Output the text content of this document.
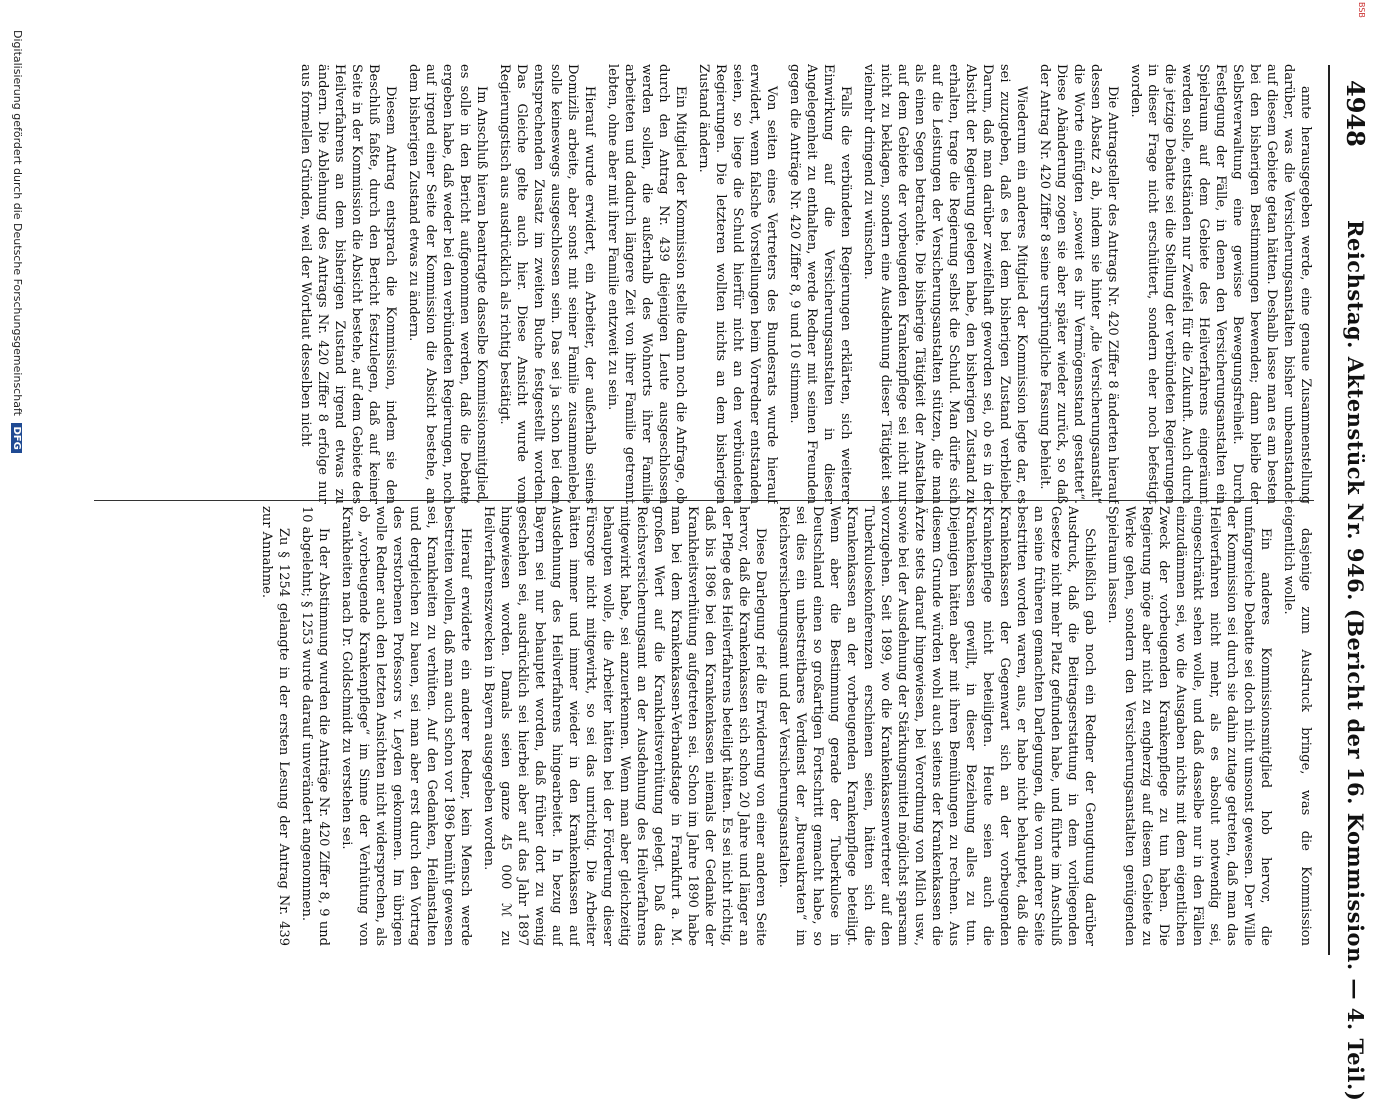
4948
Reichstag. Aktenstück Nr. 946. (Bericht der 16. Kommission. — 4. Teil.)

amte herausgegeben werde, eine genaue Zusammenstellung darüber, was die Versicherungsanstalten bisher unbeanstandet auf diesem Gebiete getan hätten. Deshalb lasse man es am besten bei den bisherigen Bestimmungen bewenden; dann bleibe der Selbstverwaltung eine gewisse Bewegungsfreiheit. Durch Festlegung der Fälle, in denen den Versicherungsanstalten ein Spielraum auf dem Gebiete des Heilverfahrens eingeräumt werden solle, entständen nur Zweifel für die Zukunft. Auch durch die jetzige Debatte sei die Stellung der verbündeten Regierungen in dieser Frage nicht erschüttert, sondern eher noch befestigt worden.

Die Antragsteller des Antrags Nr. 420 Ziffer 8 änderten hierauf dessen Absatz 2 ab, indem sie hinter „die Versicherungsanstalt“ die Worte einfügten „soweit es ihr Vermögensstand gestattet“. Diese Abänderung zogen sie aber später wieder zurück, so daß der Antrag Nr. 420 Ziffer 8 seine ursprüngliche Fassung behielt.

Wiederum ein anderes Mitglied der Kommission legte dar, es sei zuzugeben, daß es bei dem bisherigen Zustand verbleibe. Darum, daß man darüber zweifelhaft geworden sei, ob es in der Absicht der Regierung gelegen habe, den bisherigen Zustand zu erhalten, trage die Regierung selbst die Schuld. Man dürfe sich auf die Leistungen der Versicherungsanstalten stützen, die man als einen Segen betrachte. Die bisherige Tätigkeit der Anstalten auf dem Gebiete der vorbeugenden Krankenpflege sei nicht nur nicht zu beklagen, sondern eine Ausdehnung dieser Tätigkeit sei vielmehr dringend zu wünschen.

Falls die verbündeten Regierungen erklärten, sich weiterer Einwirkung auf die Versicherungsanstalten in dieser Angelegenheit zu enthalten, werde Redner mit seinen Freunden gegen die Anträge Nr. 420 Ziffer 8, 9 und 10 stimmen.

Von seiten eines Vertreters des Bundesrats wurde hierauf erwidert, wenn falsche Vorstellungen beim Vorredner entstanden seien, so liege die Schuld hierfür nicht an den verbündeten Regierungen. Die letzteren wollten nichts an dem bisherigen Zustand ändern.

Ein Mitglied der Kommission stellte dann noch die Anfrage, ob durch den Antrag Nr. 439 diejenigen Leute ausgeschlossen werden sollen, die außerhalb des Wohnorts ihrer Familie arbeiteten und dadurch längere Zeit von ihrer Familie getrennt lebten, ohne aber mit ihrer Familie entzweit zu sein.

Hierauf wurde erwidert, ein Arbeiter, der außerhalb seines Domizils arbeite, aber sonst mit seiner Familie zusammenlebe, solle keineswegs ausgeschlossen sein. Das sei ja schon bei dem entsprechenden Zusatz im zweiten Buche festgestellt worden. Das Gleiche gelte auch hier. Diese Ansicht wurde vom Regierungstisch aus ausdrücklich als richtig bestätigt.

Im Anschluß hieran beantragte dasselbe Kommissionsmitglied, es solle in den Bericht aufgenommen werden, daß die Debatte ergeben habe, daß weder bei den verbündeten Regierungen, noch auf irgend einer Seite der Kommission die Absicht bestehe, an dem bisherigen Zustand etwas zu ändern.

Diesem Antrag entsprach die Kommission, indem sie den Beschluß faßte, durch den Bericht festzulegen, daß auf keiner Seite in der Kommission die Absicht bestehe, auf dem Gebiete des Heilverfahrens an dem bisherigen Zustand irgend etwas zu ändern. Die Ablehnung des Antrags Nr. 420 Ziffer 8 erfolge nur aus formellen Gründen, weil der Wortlaut desselben nicht

dasjenige zum Ausdruck bringe, was die Kommission eigentlich wolle.

Ein anderes Kommissionsmitglied hob hervor, die umfangreiche Debatte sei doch nicht umsonst gewesen. Der Wille der Kommission sei durch sie dahin zutage getreten, daß man das Heilverfahren nicht mehr, als es absolut notwendig sei, eingeschränkt sehen wolle, und daß dasselbe nur in den Fällen einzudämmen sei, wo die Ausgaben nichts mit dem eigentlichen Zweck der vorbeugenden Krankenpflege zu tun haben. Die Regierung möge aber nicht zu engherzig auf diesem Gebiete zu Werke gehen, sondern den Versicherungsanstalten genügenden Spielraum lassen.

Schließlich gab noch ein Redner der Genugtuung darüber Ausdruck, daß die Beitragserstattung in dem vorliegenden Gesetze nicht mehr Platz gefunden habe, und führte im Anschluß an seine früheren gemachten Darlegungen, die von anderer Seite bestritten worden waren, aus, er habe nicht behauptet, daß die Krankenkassen der Gegenwart sich an der vorbeugenden Krankenpflege nicht beteiligten. Heute seien auch die Krankenkassen gewillt, in dieser Beziehung alles zu tun. Diejenigen hätten aber mit ihren Bemühungen zu rechnen. Aus diesem Grunde würden wohl auch seitens der Krankenkassen die Ärzte stets darauf hingewiesen, bei Verordnung von Milch usw., sowie bei der Ausdehnung der Stärkungsmittel möglichst sparsam vorzugehen. Seit 1899, wo die Krankenkassenvertreter auf den Tuberkulosekonferenzen erschienen seien, hätten sich die Krankenkassen an der vorbeugenden Krankenpflege beteiligt. Wenn aber die Bestimmung gerade der Tuberkulose in Deutschland einen so großartigen Fortschritt gemacht habe, so sei dies ein unbestreitbares Verdienst der „Bureaukraten“ im Reichsversicherungsamt und der Versicherungsanstalten.

Diese Darlegung rief die Erwiderung von einer anderen Seite hervor, daß die Krankenkassen sich schon 20 Jahre und länger an der Pflege des Heilverfahrens beteiligt hätten. Es sei nicht richtig, daß bis 1896 bei den Krankenkassen niemals der Gedanke der Krankheitsverhütung aufgetreten sei. Schon im Jahre 1890 habe man bei dem Krankenkassen-Verbandstage in Frankfurt a. M. großen Wert auf die Krankheitsverhütung gelegt. Daß das Reichsversicherungsamt an der Ausdehnung des Heilverfahrens mitgewirkt habe, sei anzuerkennen. Wenn man aber gleichzeitig behaupten wolle, die Arbeiter hätten bei der Förderung dieser Fürsorge nicht mitgewirkt, so sei das unrichtig. Die Arbeiter hätten immer und immer wieder in den Krankenkassen auf Ausdehnung des Heilverfahrens hingearbeitet. In bezug auf Bayern sei nur behauptet worden, daß früher dort zu wenig geschehen sei, ausdrücklich sei hierbei aber auf das Jahr 1897 hingewiesen worden. Damals seien ganze 45 000 ℳ zu Heilverfahrenszwecken in Bayern ausgegeben worden.

Hierauf erwiderte ein anderer Redner, kein Mensch werde bestreiten wollen, daß man auch schon vor 1896 bemüht gewesen sei, Krankheiten zu verhüten. Auf den Gedanken, Heilanstalten und dergleichen zu bauen, sei man aber erst durch den Vortrag des verstorbenen Professors v. Leyden gekommen. Im übrigen wolle Redner auch den letzten Ansichten nicht widersprechen, als ob „vorbeugende Krankenpflege“ im Sinne der Verhütung von Krankheiten nach Dr. Goldschmidt zu verstehen sei.

In der Abstimmung wurden die Anträge Nr. 420 Ziffer 8, 9 und 10 abgelehnt; § 1253 wurde darauf unverändert angenommen.

Zu § 1254 gelangte in der ersten Lesung der Antrag Nr. 439 zur Annahme.

Digitalisierung gefördert durch die Deutsche Forschungsgemeinschaft DFG
BSB
